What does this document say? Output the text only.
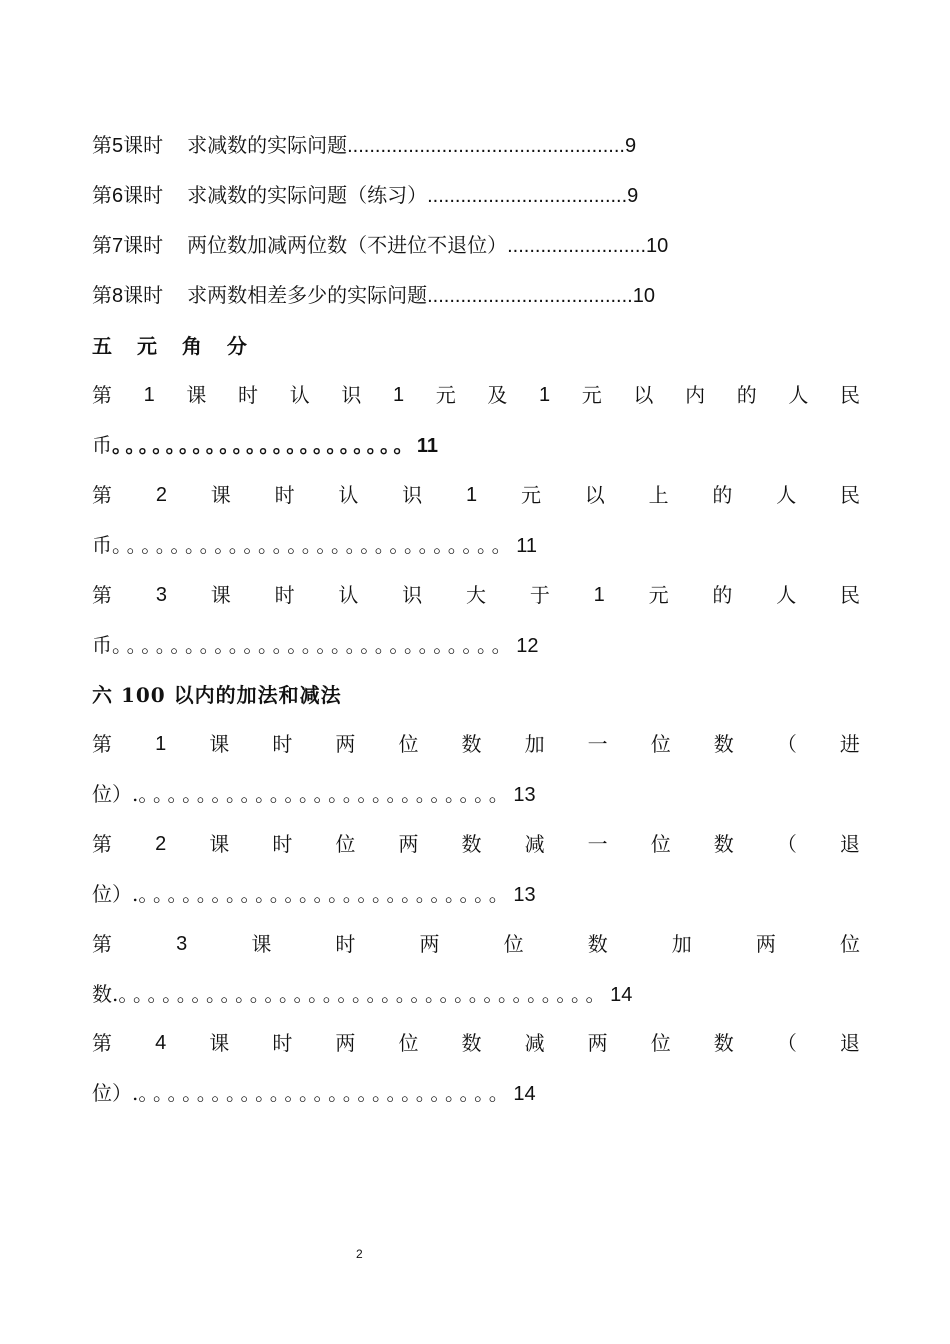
第5课时 求减数的实际问题..................................................9
第6课时 求减数的实际问题（练习）....................................9
第7课时 两位数加减两位数（不进位不退位）.........................10
第8课时 求两数相差多少的实际问题.....................................10
五 元 角 分
第 1 课 时 认 识 1 元 及 1 元 以 内 的 人 民
币。。。。。。。。。。。。。。。。。。。。。。11
第 2 课 时 认 识 1 元 以 上 的 人 民
币。。。。。。。。。。。。。。。。。。。。。。。。。。。11
第 3 课 时 认 识 大 于 1 元 的 人 民
币。。。。。。。。。。。。。。。。。。。。。。。。。。。12
六 100 以内的加法和减法
第 1 课 时 两 位 数 加 一 位 数 （ 进
位）.。。。。。。。。。。。。。。。。。。。。。。。。。13
第 2 课 时 位 两 数 减 一 位 数 （ 退
位）.。。。。。。。。。。。。。。。。。。。。。。。。。13
第	3	课	时	两	位	数	加	两	位
数.。。。。。。。。。。。。。。。。。。。。。。。。。。。。。。。。。14
第 4 课 时 两 位 数 减 两 位 数 （ 退
位）.。。。。。。。。。。。。。。。。。。。。。。。。。14
2
